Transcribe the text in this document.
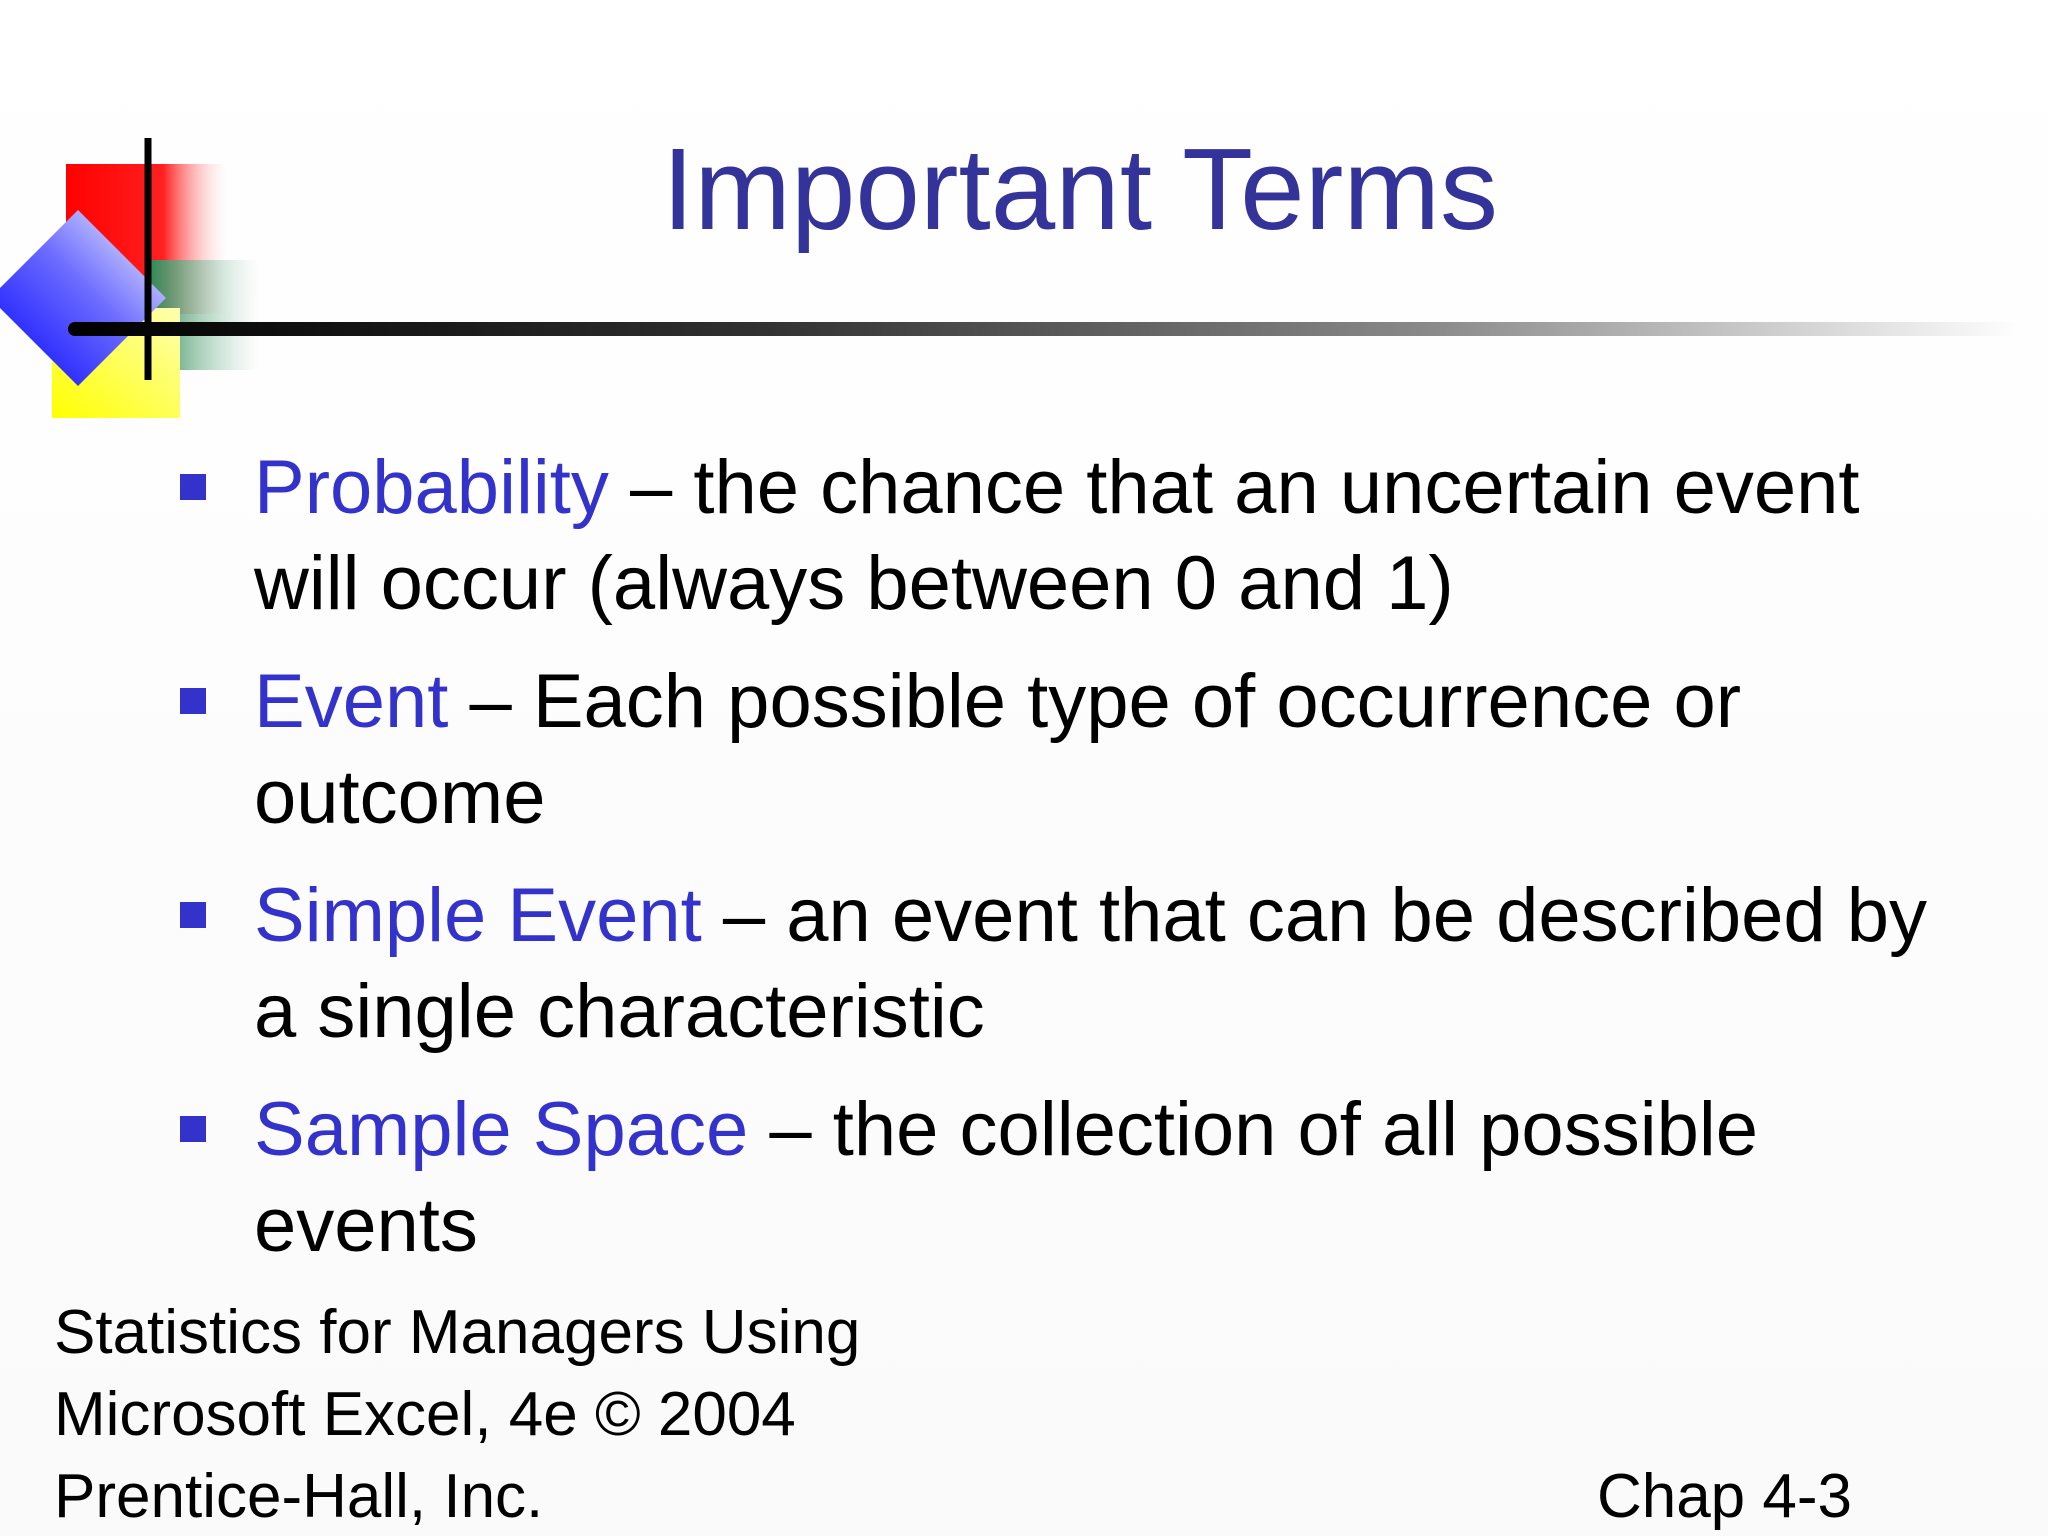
Important Terms
Probability – the chance that an uncertain event will occur (always between 0 and 1)
Event – Each possible type of occurrence or outcome
Simple Event – an event that can be described by a single characteristic
Sample Space – the collection of all possible events
Statistics for Managers Using
Microsoft Excel, 4e © 2004
Prentice-Hall, Inc.	Chap 4-3
